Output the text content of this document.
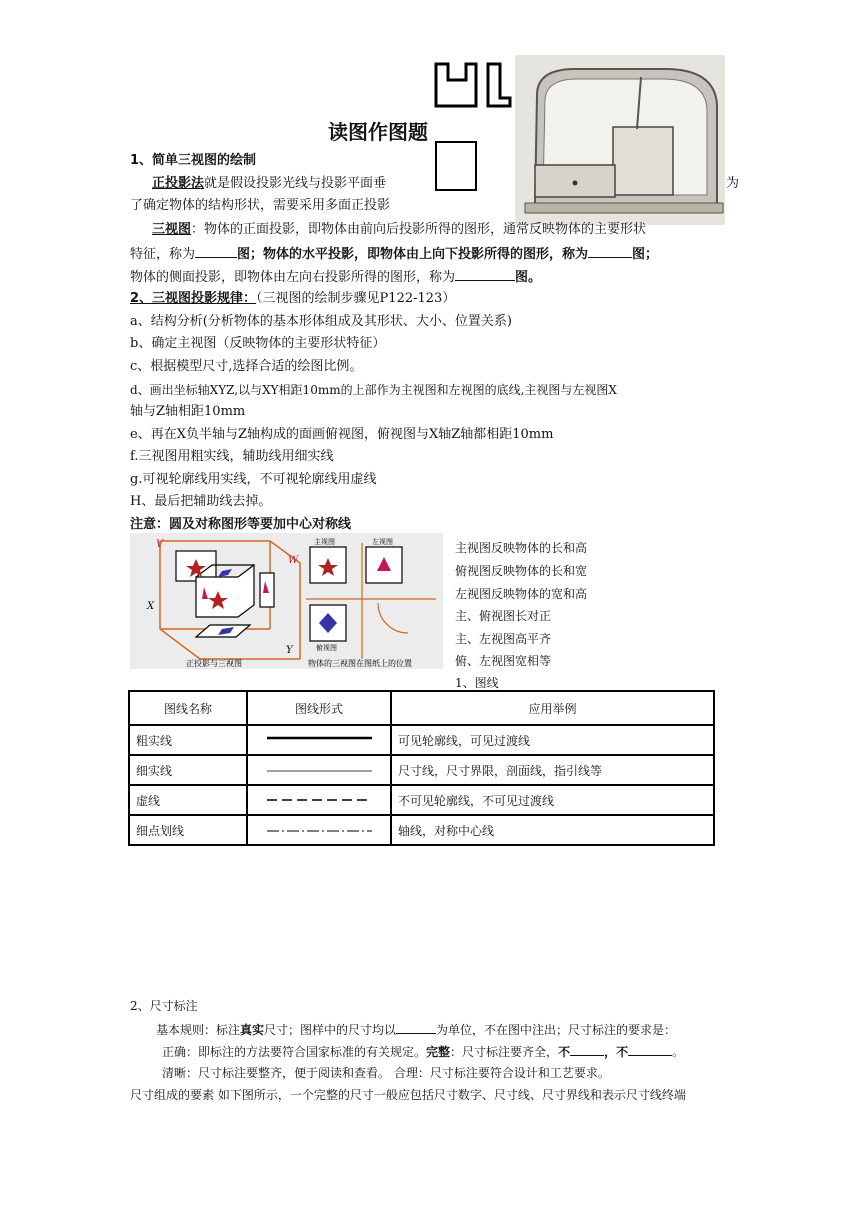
读图作图题
1、简单三视图的绘制
正投影法就是假设投影光线与投影平面垂	为
了确定物体的结构形状，需要采用多面正投影
三视图：物体的正面投影，即物体由前向后投影所得的图形，通常反映物体的主要形状
特征，称为	图；物体的水平投影，即物体由上向下投影所得的图形，称为	图；
物体的侧面投影，即物体由左向右投影所得的图形，称为	图。
2、三视图投影规律：（三视图的绘制步骤见P122-123）
a、结构分析(分析物体的基本形体组成及其形状、大小、位置关系)
b、确定主视图（反映物体的主要形状特征）
c、根据模型尺寸,选择合适的绘图比例。
d、画出坐标轴XYZ,以与XY相距10mm的上部作为主视图和左视图的底线,主视图与左视图X
轴与Z轴相距10mm
e、再在X负半轴与Z轴构成的面画俯视图，俯视图与X轴Z轴都相距10mm
f.三视图用粗实线，辅助线用细实线
g.可视轮廓线用实线，不可视轮廓线用虚线
H、最后把辅助线去掉。
注意：圆及对称图形等要加中心对称线
V
W
X
Y
正投影与三视图
主视图	左视图
俯视图
物体的三视图在图纸上的位置
主视图反映物体的长和高
俯视图反映物体的长和宽
左视图反映物体的宽和高
主、俯视图长对正
主、左视图高平齐
俯、左视图宽相等
1、图线
图线名称	图线形式	应用举例
粗实线		可见轮廓线，可见过渡线
细实线		尺寸线，尺寸界限，剖面线，指引线等
虚线		不可见轮廓线，不可见过渡线
细点划线		轴线，对称中心线
2、尺寸标注
基本规则：标注真实尺寸；图样中的尺寸均以	为单位，不在图中注出；尺寸标注的要求是：
正确：即标注的方法要符合国家标准的有关规定。完整：尺寸标注要齐全，不	，不	。
清晰：尺寸标注要整齐，便于阅读和查看。 合理：尺寸标注要符合设计和工艺要求。
尺寸组成的要素 如下图所示，一个完整的尺寸一般应包括尺寸数字、尺寸线、尺寸界线和表示尺寸线终端
